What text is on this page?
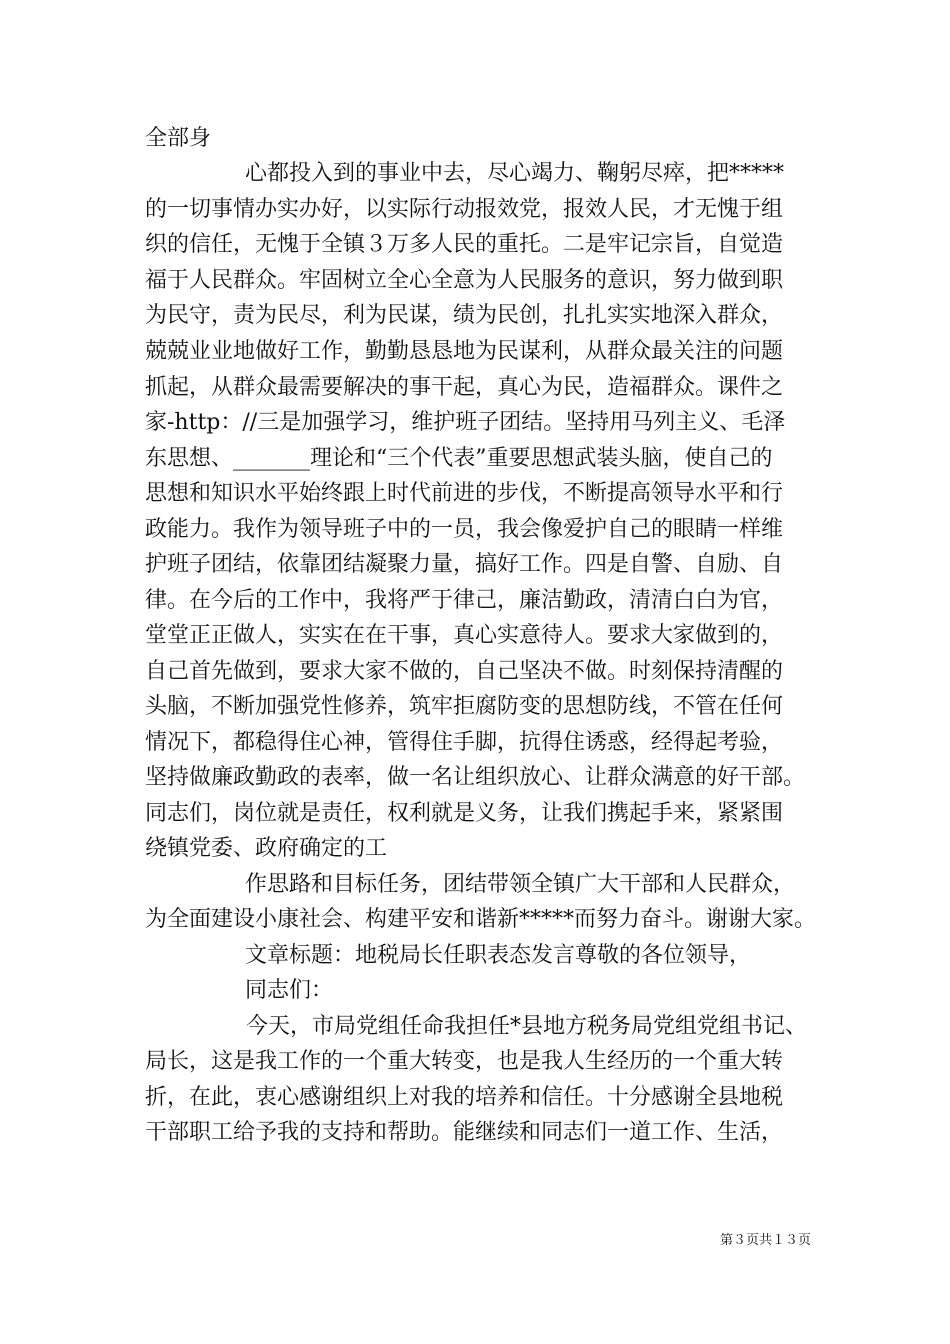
全部身
心都投入到的事业中去，尽心竭力、鞠躬尽瘁，把*****
的一切事情办实办好，以实际行动报效党，报效人民，才无愧于组
织的信任，无愧于全镇３万多人民的重托。二是牢记宗旨，自觉造
福于人民群众。牢固树立全心全意为人民服务的意识，努力做到职
为民守，责为民尽，利为民谋，绩为民创，扎扎实实地深入群众，
兢兢业业地做好工作，勤勤恳恳地为民谋利，从群众最关注的问题
抓起，从群众最需要解决的事干起，真心为民，造福群众。课件之
家-http：//三是加强学习，维护班子团结。坚持用马列主义、毛泽
东思想、_______理论和“三个代表”重要思想武装头脑，使自己的
思想和知识水平始终跟上时代前进的步伐，不断提高领导水平和行
政能力。我作为领导班子中的一员，我会像爱护自己的眼睛一样维
护班子团结，依靠团结凝聚力量，搞好工作。四是自警、自励、自
律。在今后的工作中，我将严于律己，廉洁勤政，清清白白为官，
堂堂正正做人，实实在在干事，真心实意待人。要求大家做到的，
自己首先做到，要求大家不做的，自己坚决不做。时刻保持清醒的
头脑，不断加强党性修养，筑牢拒腐防变的思想防线，不管在任何
情况下，都稳得住心神，管得住手脚，抗得住诱惑，经得起考验，
坚持做廉政勤政的表率，做一名让组织放心、让群众满意的好干部。
同志们，岗位就是责任，权利就是义务，让我们携起手来，紧紧围
绕镇党委、政府确定的工
作思路和目标任务，团结带领全镇广大干部和人民群众，
为全面建设小康社会、构建平安和谐新*****而努力奋斗。谢谢大家。
文章标题：地税局长任职表态发言尊敬的各位领导，
同志们：
今天，市局党组任命我担任*县地方税务局党组党组书记、
局长，这是我工作的一个重大转变，也是我人生经历的一个重大转
折，在此，衷心感谢组织上对我的培养和信任。十分感谢全县地税
干部职工给予我的支持和帮助。能继续和同志们一道工作、生活，
第３页共１３页
